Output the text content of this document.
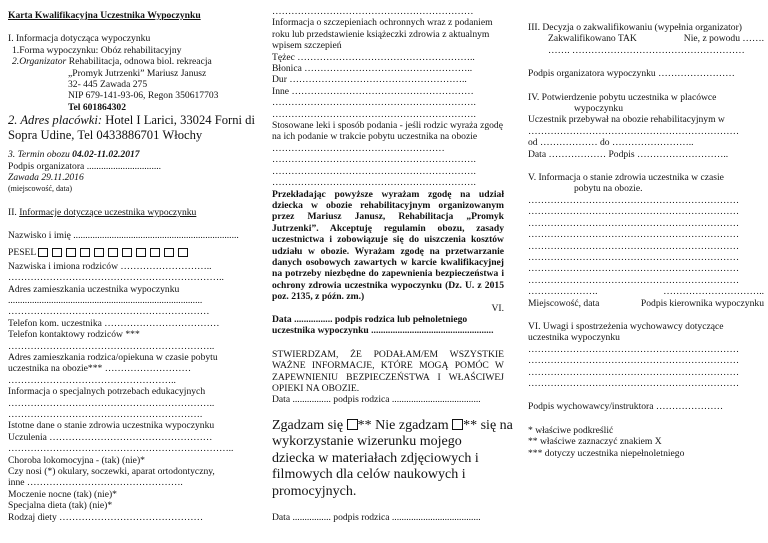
Karta Kwalifikacyjna Uczestnika Wypoczynku
I. Informacja dotycząca wypoczynku
1.Forma wypoczynku: Obóz rehabilitacyjny
2.Organizator Rehabilitacja, odnowa biol. rekreacja
„Promyk Jutrzenki” Mariusz Janusz
32- 445 Zawada 275
NIP 679-141-93-06, Regon 350617703
Tel 601864302
2. Adres placówki: Hotel I Larici, 33024 Forni di
Sopra Udine, Tel 0433886701 Włochy
3. Termin obozu 04.02-11.02.2017
Podpis organizatora ...............................
Zawada 29.11.2016
(miejscowość, data)
II. Informacje dotyczące uczestnika wypoczynku
Nazwisko i imię .....................................................................
PESEL
Nazwiska i imiona rodziców ………………………..
…………………………………………………………..
Adres zamieszkania uczestnika wypoczynku
.................................................................................
………………………………………………………
Telefon kom. uczestnika ………………………………
Telefon kontaktowy rodziców ***
………………………………………………………..
Adres zamieszkania rodzica/opiekuna w czasie pobytu
uczestnika na obozie*** ………………………
……………………………………………..
Informacja o specjalnych potrzebach edukacyjnych
………………………………………………………..
…………………………………………………….
Istotne dane o stanie zdrowia uczestnika wypoczynku
Uczulenia ……………………………………………
……………………………………………………………..
Choroba lokomocyjna - (tak) (nie)*
Czy nosi (*) okulary, soczewki, aparat ortodontyczny,
inne ………………………………………….
Moczenie nocne (tak) (nie)*
Specjalna dieta (tak) (nie)*
Rodzaj diety ………………………………………
………………………………………………………
Informacja o szczepieniach ochronnych wraz z podaniem roku lub przedstawienie książeczki zdrowia z aktualnym wpisem szczepień
Tężec ………………………………………………..
Błonica ……………………………………………..
Dur ………………………………………………..
Inne …………………………………………………
……………………………………………………….
……………………………………………………….
Stosowane leki i sposób podania - jeśli rodzic wyraża zgodę na ich podanie w trakcie pobytu uczestnika na obozie ………………………………………………
……………………………………………………….
……………………………………………………….
……………………………………………………….
Przekładając powyższe wyrażam zgodę na udział dziecka w obozie rehabilitacyjnym organizowanym przez Mariusz Janusz, Rehabilitacja „Promyk Jutrzenki”. Akceptuję regulamin obozu, zasady uczestnictwa i zobowiązuje się do uiszczenia kosztów udziału w obozie. Wyrażam zgodę na przetwarzanie danych osobowych zawartych w karcie kwalifikacyjnej na potrzeby niezbędne do zapewnienia bezpieczeństwa i ochrony zdrowia uczestnika wypoczynku (Dz. U. z 2015 poz. 2135, z późn. zm.)
VI.
Data ................ podpis rodzica lub pełnoletniego uczestnika wypoczynku ...................................................
STWIERDZAM, ŻE PODAŁAM/EM WSZYSTKIE WAŻNE INFORMACJE, KTÓRE MOGĄ POMÓC W ZAPEWNIENIU BEZPIECZEŃSTWA I WŁAŚCIWEJ OPIEKI NA OBOZIE.
Data ................ podpis rodzica .....................................
Zgadzam się ** Nie zgadzam ** się na
wykorzystanie wizerunku mojego dziecka w materiałach zdjęciowych i filmowych dla celów naukowych i promocyjnych.
Data ................ podpis rodzica .....................................
III. Decyzja o zakwalifikowaniu (wypełnia organizator)
Zakwalifikowano TAK	Nie, z powodu …….
……. ………………………………………………
Podpis organizatora wypoczynku ……………………
IV. Potwierdzenie pobytu uczestnika w placówce
wypoczynku
Uczestnik przebywał na obozie rehabilitacyjnym w
…………………………………………………………
od ……………… do ……………………..
Data ……………… Podpis ………………………..
V. Informacja o stanie zdrowia uczestnika w czasie
pobytu na obozie.
…………………………………………………………
…………………………………………………………
…………………………………………………………
…………………………………………………………
…………………………………………………………
…………………………………………………………
…………………………………………………………
…………………………………………………………
………………….	…………………………..
Miejscowość, data	Podpis kierownika wypoczynku
VI. Uwagi i spostrzeżenia wychowawcy dotyczące uczestnika wypoczynku
…………………………………………………………
…………………………………………………………
…………………………………………………………
…………………………………………………………
Podpis wychowawcy/instruktora …………………
* właściwe podkreślić
** właściwe zaznaczyć znakiem X
*** dotyczy uczestnika niepełnoletniego
